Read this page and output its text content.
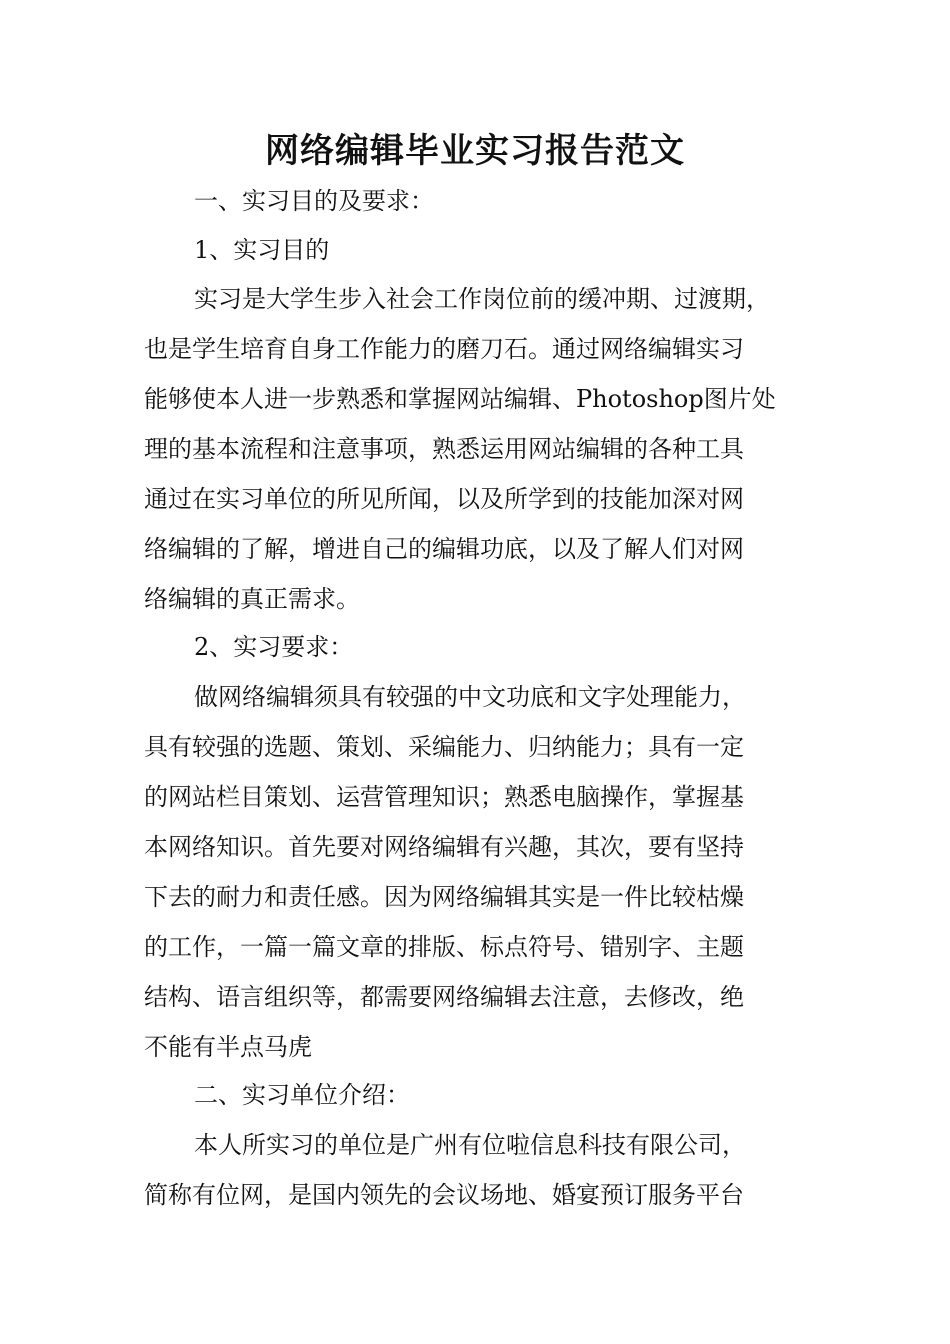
网络编辑毕业实习报告范文

一、实习目的及要求：

1、实习目的

实习是大学生步入社会工作岗位前的缓冲期、过渡期，

也是学生培育自身工作能力的磨刀石。通过网络编辑实习

能够使本人进一步熟悉和掌握网站编辑、Photoshop图片处

理的基本流程和注意事项，熟悉运用网站编辑的各种工具

通过在实习单位的所见所闻，以及所学到的技能加深对网

络编辑的了解，增进自己的编辑功底，以及了解人们对网

络编辑的真正需求。

2、实习要求：

做网络编辑须具有较强的中文功底和文字处理能力，

具有较强的选题、策划、采编能力、归纳能力；具有一定

的网站栏目策划、运营管理知识；熟悉电脑操作，掌握基

本网络知识。首先要对网络编辑有兴趣，其次，要有坚持

下去的耐力和责任感。因为网络编辑其实是一件比较枯燥

的工作，一篇一篇文章的排版、标点符号、错别字、主题

结构、语言组织等，都需要网络编辑去注意，去修改，绝

不能有半点马虎

二、实习单位介绍：

本人所实习的单位是广州有位啦信息科技有限公司，

简称有位网，是国内领先的会议场地、婚宴预订服务平台
